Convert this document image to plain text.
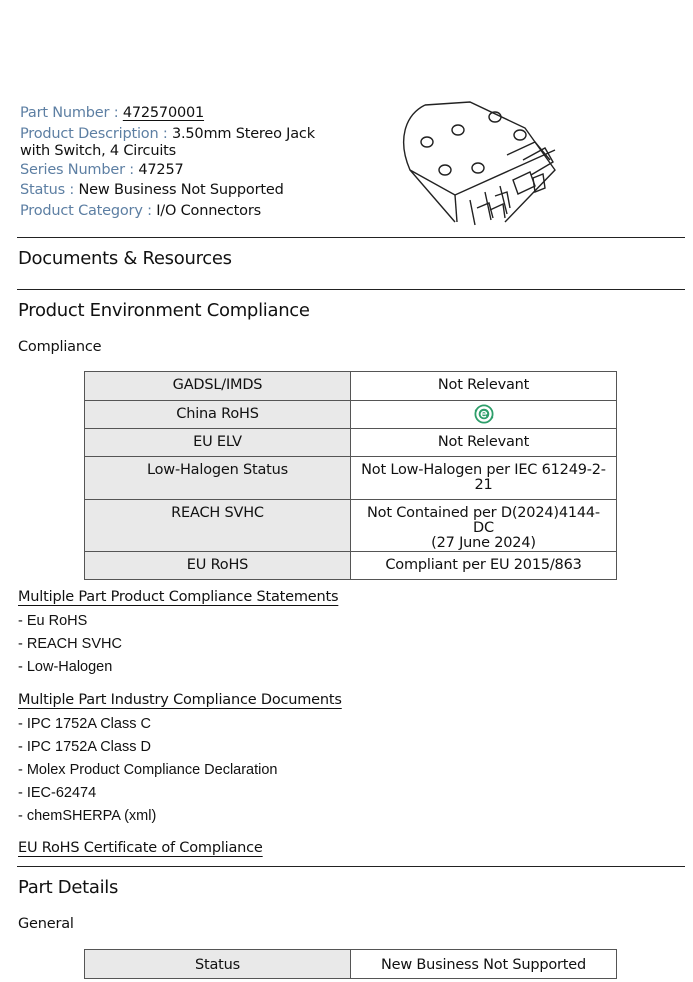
Part Number : 472570001
Product Description : 3.50mm Stereo Jack
with Switch, 4 Circuits
Series Number : 47257
Status : New Business Not Supported
Product Category : I/O Connectors
Documents & Resources
Product Environment Compliance
Compliance
GADSL/IMDS	Not Relevant
China RoHS	
EU ELV	Not Relevant
Low-Halogen Status	Not Low-Halogen per IEC 61249-2-
21
REACH SVHC	Not Contained per D(2024)4144-DC
(27 June 2024)
EU RoHS	Compliant per EU 2015/863
Multiple Part Product Compliance Statements
- Eu RoHS
- REACH SVHC
- Low-Halogen
Multiple Part Industry Compliance Documents
- IPC 1752A Class C
- IPC 1752A Class D
- Molex Product Compliance Declaration
- IEC-62474
- chemSHERPA (xml)
EU RoHS Certificate of Compliance
Part Details
General
Status	New Business Not Supported
